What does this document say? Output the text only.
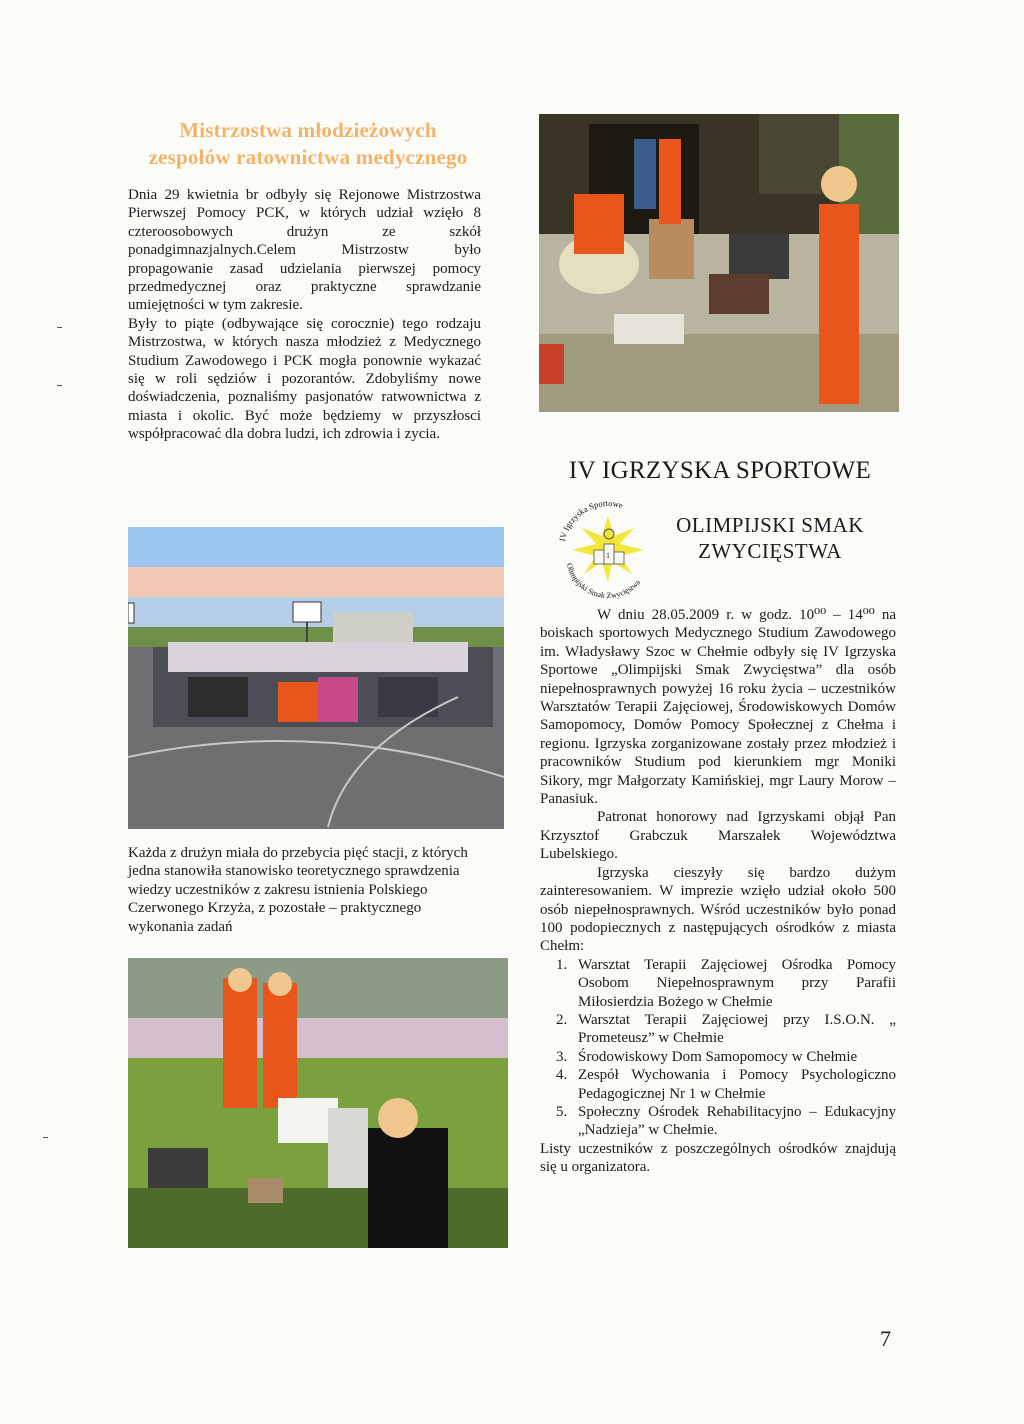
Mistrzostwa młodzieżowych
zespołów ratownictwa medycznego

Dnia 29 kwietnia br odbyły się Rejonowe Mistrzostwa Pierwszej Pomocy PCK, w których udział wzięło 8 czteroosobowych drużyn ze szkół ponadgimnazjalnych.Celem Mistrzostw było propagowanie zasad udzielania pierwszej pomocy przedmedycznej oraz praktyczne sprawdzanie umiejętności w tym zakresie.

Były to piąte (odbywające się corocznie) tego rodzaju Mistrzostwa, w których nasza młodzież z Medycznego Studium Zawodowego i PCK mogła ponownie wykazać się w roli sędziów i pozorantów. Zdobyliśmy nowe doświadczenia, poznaliśmy pasjonatów ratwownictwa z miasta i okolic. Być może będziemy w przyszłosci współpracować dla dobra ludzi, ich zdrowia i zycia.

Każda z drużyn miała do przebycia pięć stacji, z których jedna stanowiła stanowisko teoretycznego sprawdzenia wiedzy uczestników z zakresu istnienia Polskiego Czerwonego Krzyża, z pozostałe – praktycznego wykonania zadań
IV IGRZYSKA SPORTOWE
IV Igrzyska Sportowe
Olimpijski Smak Zwycięstwa
1
OLIMPIJSKI SMAK
ZWYCIĘSTWA

W dniu 28.05.2009 r. w godz. 10⁰⁰ – 14⁰⁰ na boiskach sportowych Medycznego Studium Zawodowego im. Władysławy Szoc w Chełmie odbyły się IV Igrzyska Sportowe „Olimpijski Smak Zwycięstwa” dla osób niepełnosprawnych powyżej 16 roku życia – uczestników Warsztatów Terapii Zajęciowej, Środowiskowych Domów Samopomocy, Domów Pomocy Społecznej z Chełma i regionu. Igrzyska zorganizowane zostały przez młodzież i pracowników Studium pod kierunkiem mgr Moniki Sikory, mgr Małgorzaty Kamińskiej, mgr Laury Morow – Panasiuk.

Patronat honorowy nad Igrzyskami objął Pan Krzysztof Grabczuk Marszałek Województwa Lubelskiego.

Igrzyska cieszyły się bardzo dużym zainteresowaniem. W imprezie wzięło udział około 500 osób niepełnosprawnych. Wśród uczestników było ponad 100 podopiecznych z następujących ośrodków z miasta Chełm:

1. Warsztat Terapii Zajęciowej Ośrodka Pomocy Osobom Niepełnosprawnym przy Parafii Miłosierdzia Bożego w Chełmie
2. Warsztat Terapii Zajęciowej przy I.S.O.N. „ Prometeusz” w Chełmie
3. Środowiskowy Dom Samopomocy w Chełmie
4. Zespół Wychowania i Pomocy Psychologiczno Pedagogicznej Nr 1 w Chełmie
5. Społeczny Ośrodek Rehabilitacyjno – Edukacyjny „Nadzieja” w Chełmie.

Listy uczestników z poszczególnych ośrodków znajdują się u organizatora.

7
